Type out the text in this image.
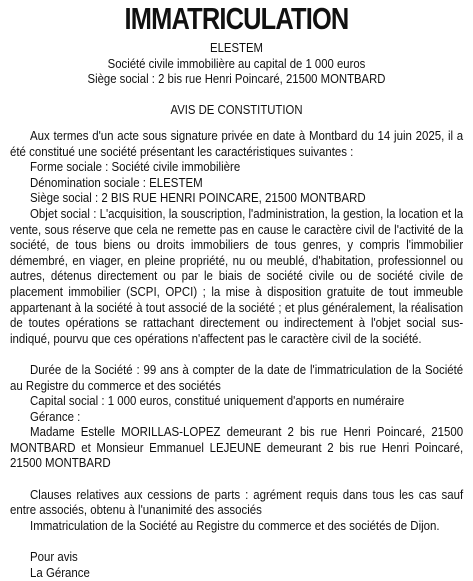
IMMATRICULATION
ELESTEM
Société civile immobilière au capital de 1 000 euros
Siège social : 2 bis rue Henri Poincaré, 21500 MONTBARD
AVIS DE CONSTITUTION

Aux termes d'un acte sous signature privée en date à Montbard du 14 juin 2025, il a été constitué une société présentant les caractéristiques suivantes :

Forme sociale : Société civile immobilière

Dénomination sociale : ELESTEM

Siège social : 2 BIS RUE HENRI POINCARE, 21500 MONTBARD

Objet social : L'acquisition, la souscription, l'administration, la gestion, la location et la vente, sous réserve que cela ne remette pas en cause le caractère civil de l'activité de la société, de tous biens ou droits immobiliers de tous genres, y compris l'immobilier démembré, en viager, en pleine propriété, nu ou meublé, d'habitation, professionnel ou autres, détenus directement ou par le biais de société civile ou de société civile de placement immobilier (SCPI, OPCI) ; la mise à disposition gratuite de tout immeuble appartenant à la société à tout associé de la société ; et plus généralement, la réalisation de toutes opérations se rattachant directement ou indirectement à l'objet social sus-indiqué, pourvu que ces opérations n'affectent pas le caractère civil de la société.

Durée de la Société : 99 ans à compter de la date de l'immatriculation de la Société au Registre du commerce et des sociétés

Capital social : 1 000 euros, constitué uniquement d'apports en numéraire

Gérance :

Madame Estelle MORILLAS-LOPEZ demeurant 2 bis rue Henri Poincaré, 21500 MONTBARD et Monsieur Emmanuel LEJEUNE demeurant 2 bis rue Henri Poincaré, 21500 MONTBARD

Clauses relatives aux cessions de parts : agrément requis dans tous les cas sauf entre associés, obtenu à l'unanimité des associés

Immatriculation de la Société au Registre du commerce et des sociétés de Dijon.

Pour avis

La Gérance
